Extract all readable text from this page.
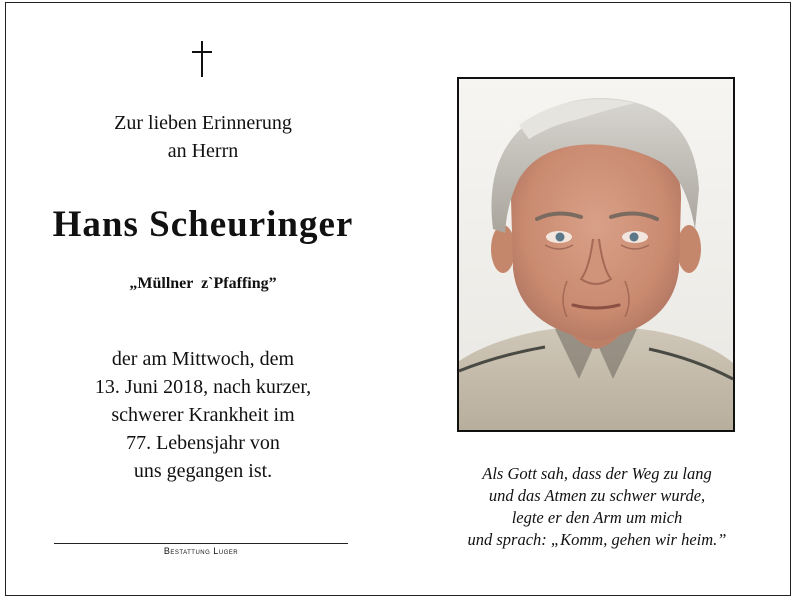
Zur lieben Erinnerung
an Herrn
Hans Scheuringer
„Müllner  z`Pfaffing”
der am Mittwoch, dem
13. Juni 2018, nach kurzer,
schwerer Krankheit im
77. Lebensjahr von
uns gegangen ist.
Bestattung Luger
Als Gott sah, dass der Weg zu lang
und das Atmen zu schwer wurde,
legte er den Arm um mich
und sprach: „Komm, gehen wir heim.”
